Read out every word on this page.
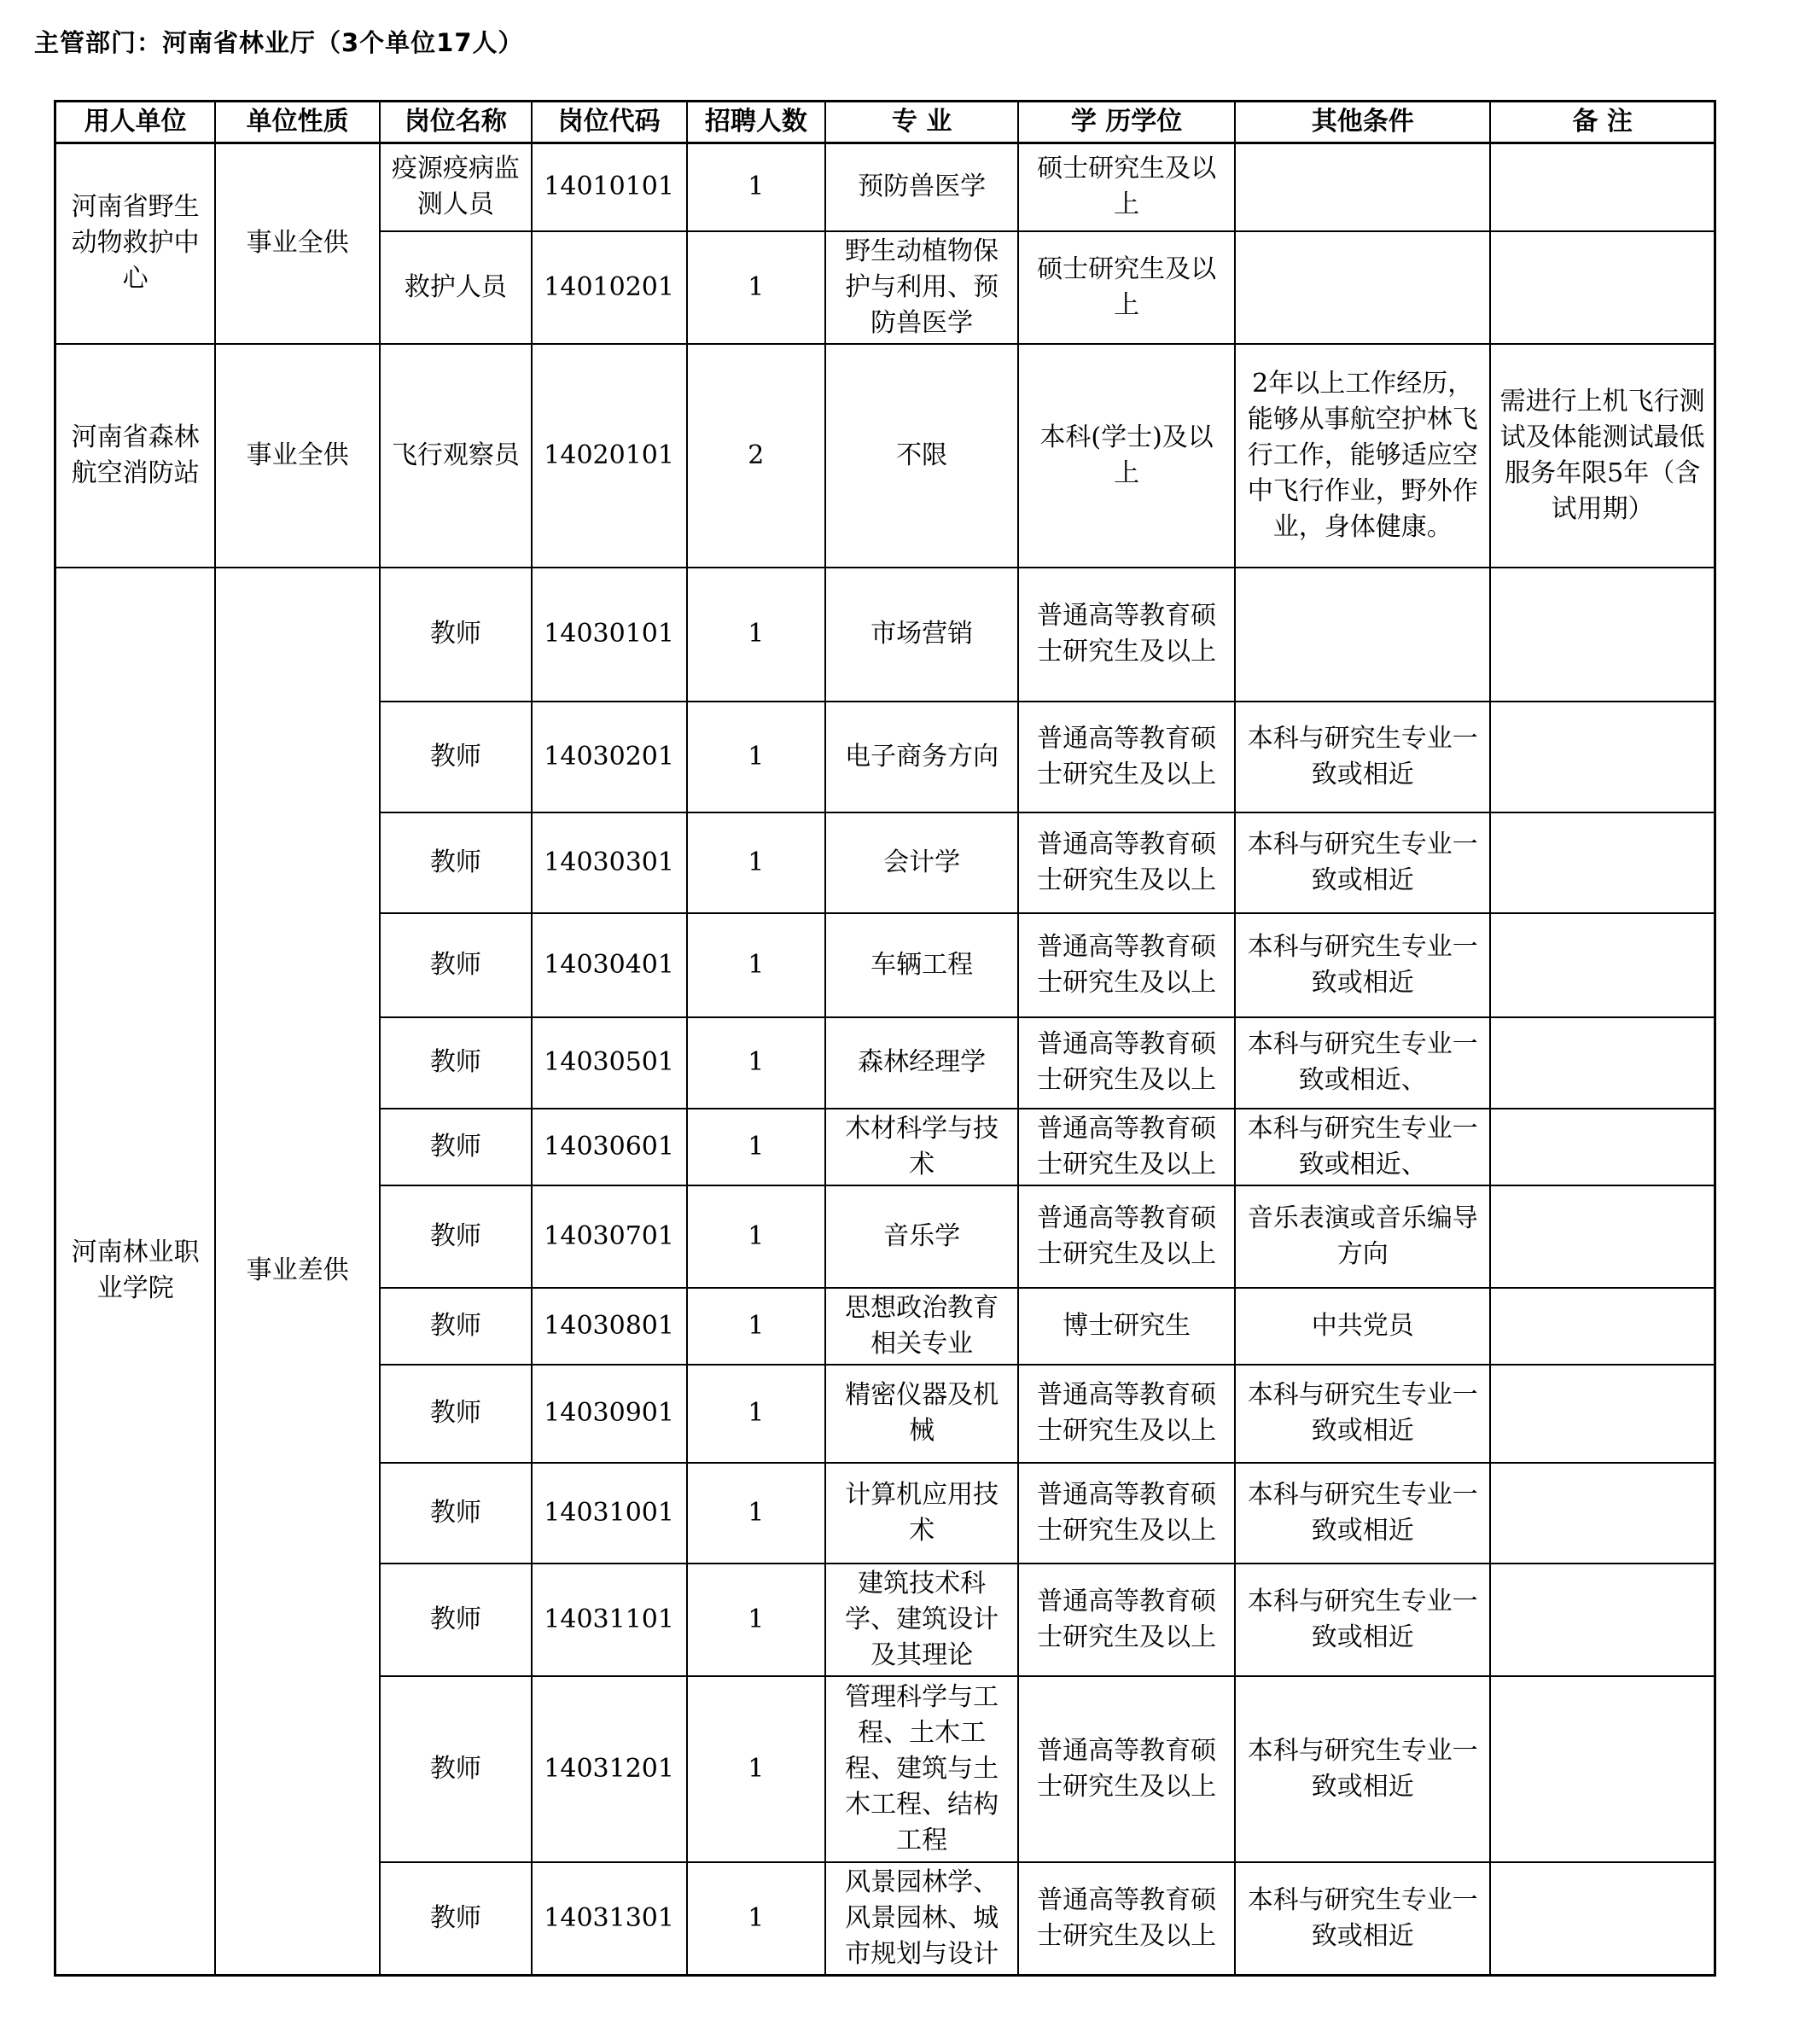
主管部门：河南省林业厅（3个单位17人）
用人单位	单位性质	岗位名称	岗位代码	招聘人数	专 业	学 历学位	其他条件	备 注
河南省野生动物救护中心	事业全供	疫源疫病监测人员	14010101	1	预防兽医学	硕士研究生及以上		
		救护人员	14010201	1	野生动植物保护与利用、预防兽医学	硕士研究生及以上		
河南省森林航空消防站	事业全供	飞行观察员	14020101	2	不限	本科(学士)及以上	2年以上工作经历，能够从事航空护林飞行工作，能够适应空中飞行作业，野外作业，身体健康。	需进行上机飞行测试及体能测试最低服务年限5年（含试用期）
河南林业职业学院	事业差供	教师	14030101	1	市场营销	普通高等教育硕士研究生及以上		
		教师	14030201	1	电子商务方向	普通高等教育硕士研究生及以上	本科与研究生专业一致或相近	
		教师	14030301	1	会计学	普通高等教育硕士研究生及以上	本科与研究生专业一致或相近	
		教师	14030401	1	车辆工程	普通高等教育硕士研究生及以上	本科与研究生专业一致或相近	
		教师	14030501	1	森林经理学	普通高等教育硕士研究生及以上	本科与研究生专业一致或相近、	
		教师	14030601	1	木材科学与技术	普通高等教育硕士研究生及以上	本科与研究生专业一致或相近、	
		教师	14030701	1	音乐学	普通高等教育硕士研究生及以上	音乐表演或音乐编导方向	
		教师	14030801	1	思想政治教育相关专业	博士研究生	中共党员	
		教师	14030901	1	精密仪器及机械	普通高等教育硕士研究生及以上	本科与研究生专业一致或相近	
		教师	14031001	1	计算机应用技术	普通高等教育硕士研究生及以上	本科与研究生专业一致或相近	
		教师	14031101	1	建筑技术科学、建筑设计及其理论	普通高等教育硕士研究生及以上	本科与研究生专业一致或相近	
		教师	14031201	1	管理科学与工程、土木工程、建筑与土木工程、结构工程	普通高等教育硕士研究生及以上	本科与研究生专业一致或相近	
		教师	14031301	1	风景园林学、风景园林、城市规划与设计	普通高等教育硕士研究生及以上	本科与研究生专业一致或相近	
